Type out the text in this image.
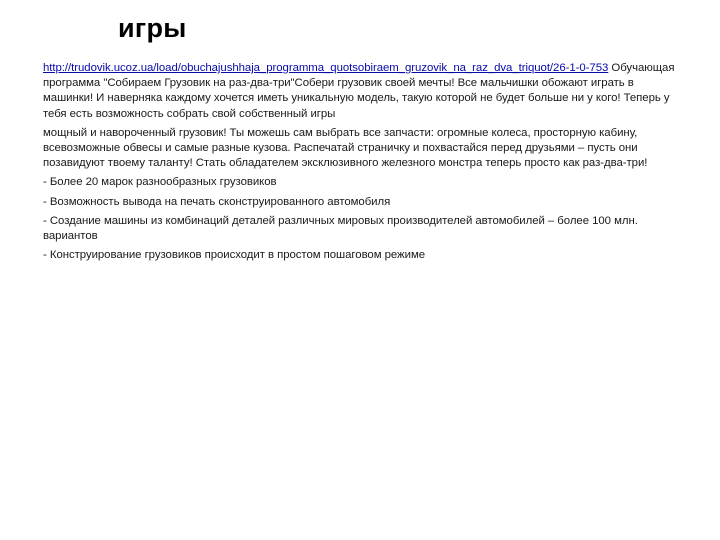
игры

http://trudovik.ucoz.ua/load/obuchajushhaja_programma_quotsobiraem_gruzovik_na_raz_dva_triquot/26-1-0-753 Обучающая программа "Собираем Грузовик на раз-два-три"Собери грузовик своей мечты! Все мальчишки обожают играть в машинки! И наверняка каждому хочется иметь уникальную модель, такую которой не будет больше ни у кого! Теперь у тебя есть возможность собрать свой собственный игры

мощный и навороченный грузовик! Ты можешь сам выбрать все запчасти: огромные колеса, просторную кабину, всевозможные обвесы и самые разные кузова. Распечатай страничку и похвастайся перед друзьями – пусть они позавидуют твоему таланту! Стать обладателем эксклюзивного железного монстра теперь просто как раз-два-три!

- Более 20 марок разнообразных грузовиков

- Возможность вывода на печать сконструированного автомобиля

- Создание машины из комбинаций деталей различных мировых производителей автомобилей – более 100 млн. вариантов

- Конструирование грузовиков происходит в простом пошаговом режиме
